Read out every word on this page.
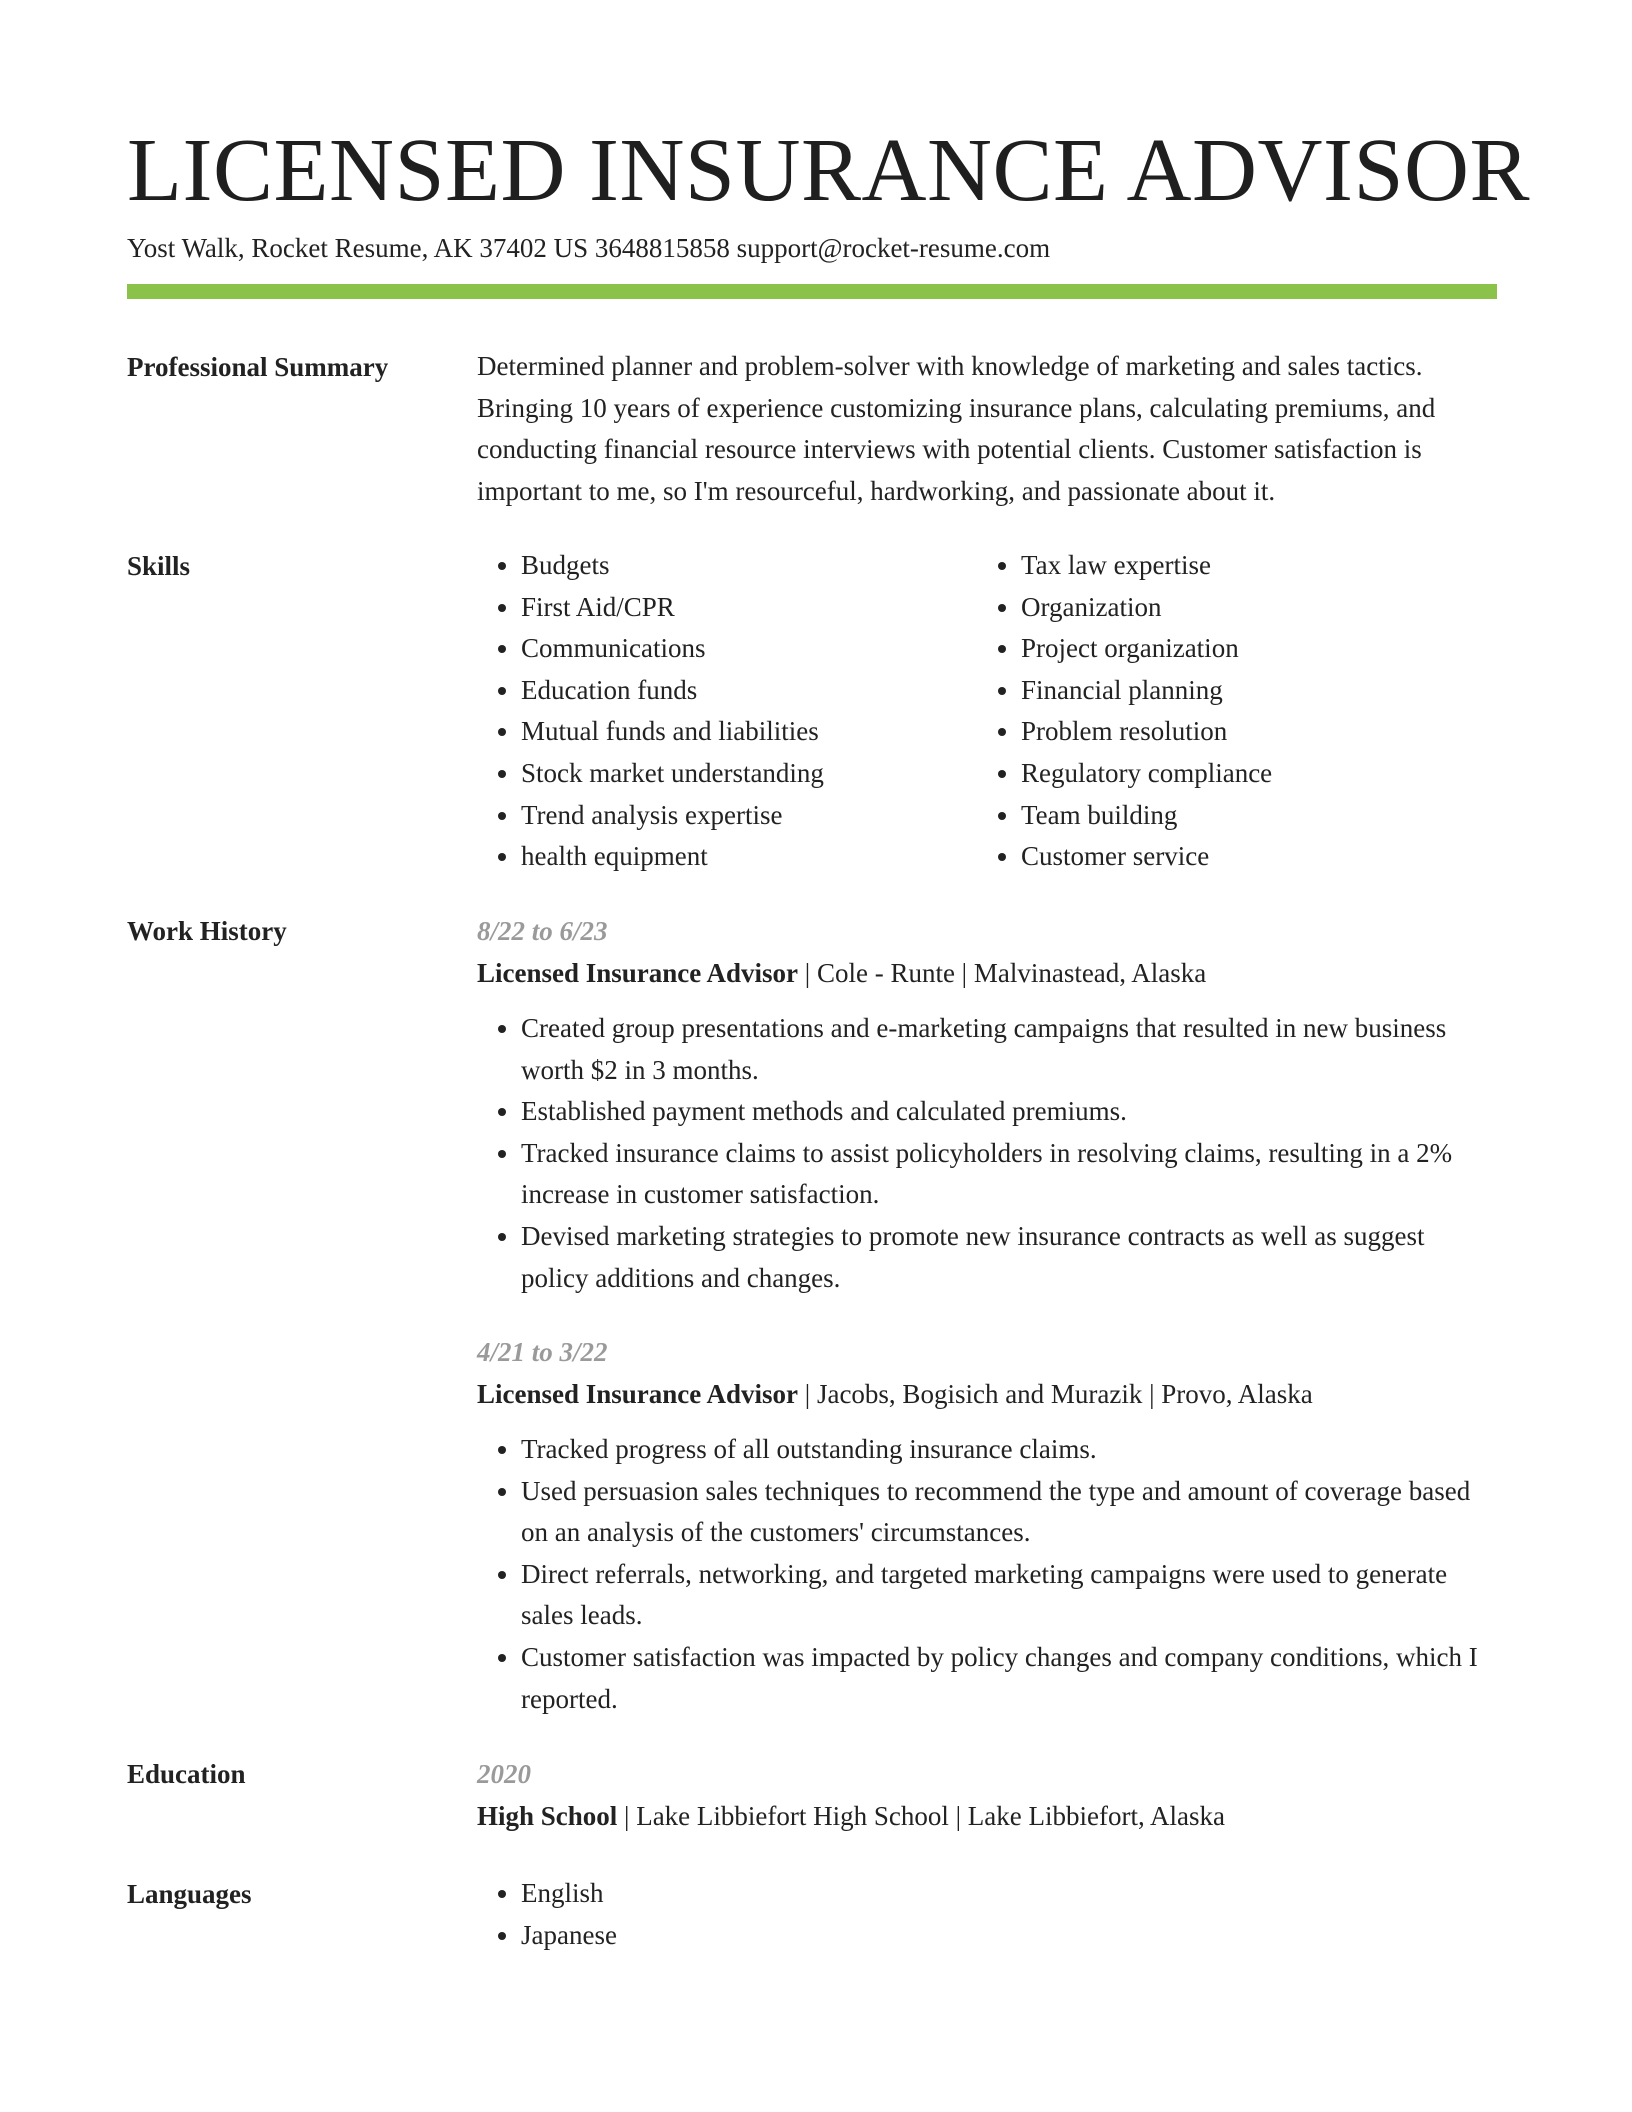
LICENSED INSURANCE ADVISOR
Yost Walk, Rocket Resume, AK 37402 US 3648815858 support@rocket-resume.com
Professional Summary	Determined planner and problem-solver with knowledge of marketing and sales tactics. Bringing 10 years of experience customizing insurance plans, calculating premiums, and conducting financial resource interviews with potential clients. Customer satisfaction is important to me, so I'm resourceful, hardworking, and passionate about it.

Skills	• Budgets
• First Aid/CPR
• Communications
• Education funds
• Mutual funds and liabilities
• Stock market understanding
• Trend analysis expertise
• health equipment
• Tax law expertise
• Organization
• Project organization
• Financial planning
• Problem resolution
• Regulatory compliance
• Team building
• Customer service
Work History	8/22 to 6/23
Licensed Insurance Advisor | Cole - Runte | Malvinastead, Alaska
• Created group presentations and e-marketing campaigns that resulted in new business worth $2 in 3 months.
• Established payment methods and calculated premiums.
• Tracked insurance claims to assist policyholders in resolving claims, resulting in a 2% increase in customer satisfaction.
• Devised marketing strategies to promote new insurance contracts as well as suggest policy additions and changes.
4/21 to 3/22
Licensed Insurance Advisor | Jacobs, Bogisich and Murazik | Provo, Alaska
• Tracked progress of all outstanding insurance claims.
• Used persuasion sales techniques to recommend the type and amount of coverage based on an analysis of the customers' circumstances.
• Direct referrals, networking, and targeted marketing campaigns were used to generate sales leads.
• Customer satisfaction was impacted by policy changes and company conditions, which I reported.
Education	2020
High School | Lake Libbiefort High School | Lake Libbiefort, Alaska
Languages	• English
• Japanese
